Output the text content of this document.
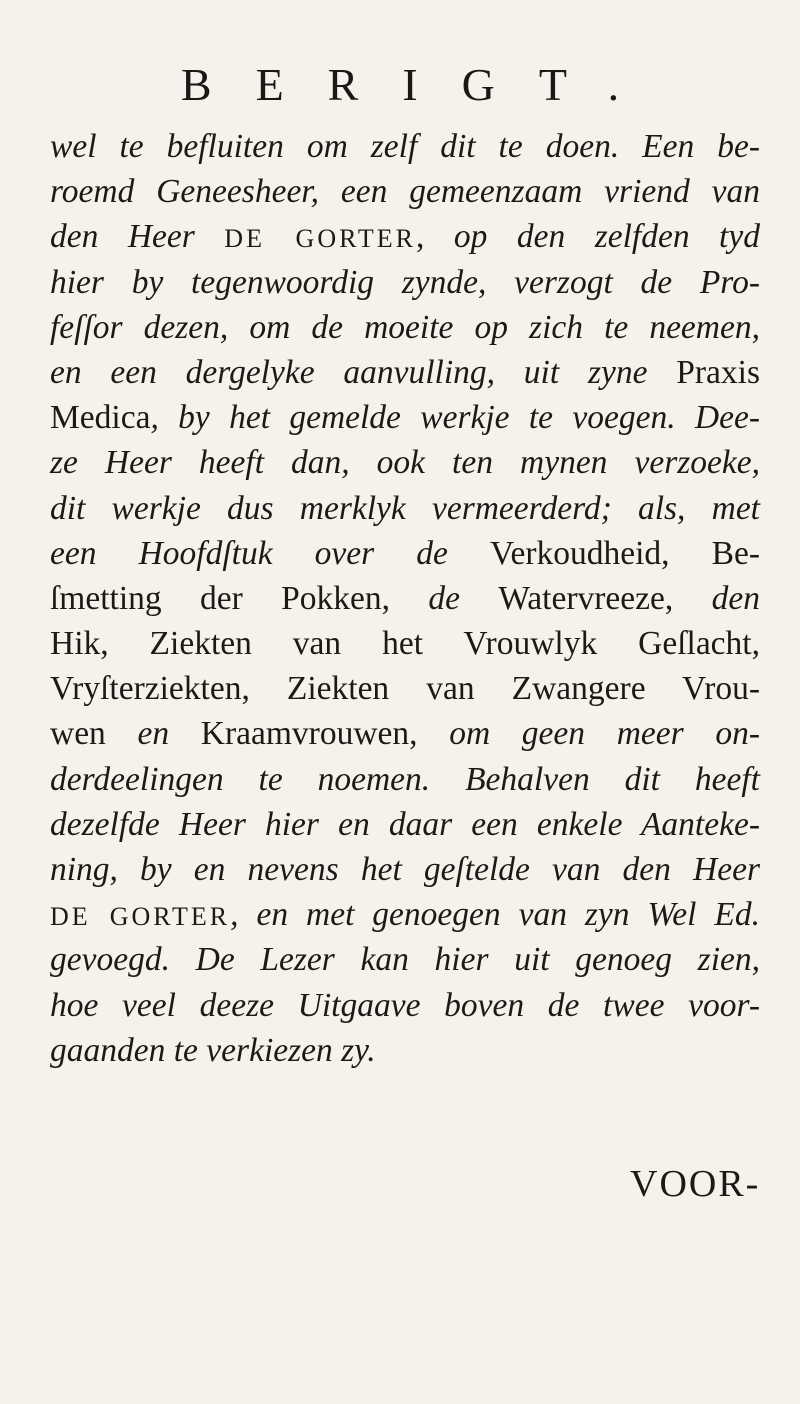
BERIGT.
wel te befluiten om zelf dit te doen. Een be-
roemd Geneesheer, een gemeenzaam vriend van
den Heer DE GORTER, op den zelfden tyd
hier by tegenwoordig zynde, verzogt de Pro-
feſſor dezen, om de moeite op zich te neemen,
en een dergelyke aanvulling, uit zyne Praxis
Medica, by het gemelde werkje te voegen. Dee-
ze Heer heeft dan, ook ten mynen verzoeke,
dit werkje dus merklyk vermeerderd; als, met
een Hoofdſtuk over de Verkoudheid, Be-
ſmetting der Pokken, de Watervreeze, den
Hik, Ziekten van het Vrouwlyk Geſlacht,
Vryſterziekten, Ziekten van Zwangere Vrou-
wen en Kraamvrouwen, om geen meer on-
derdeelingen te noemen. Behalven dit heeft
dezelfde Heer hier en daar een enkele Aanteke-
ning, by en nevens het geſtelde van den Heer
DE GORTER, en met genoegen van zyn Wel Ed.
gevoegd. De Lezer kan hier uit genoeg zien,
hoe veel deeze Uitgaave boven de twee voor-
gaanden te verkiezen zy.
VOOR-
